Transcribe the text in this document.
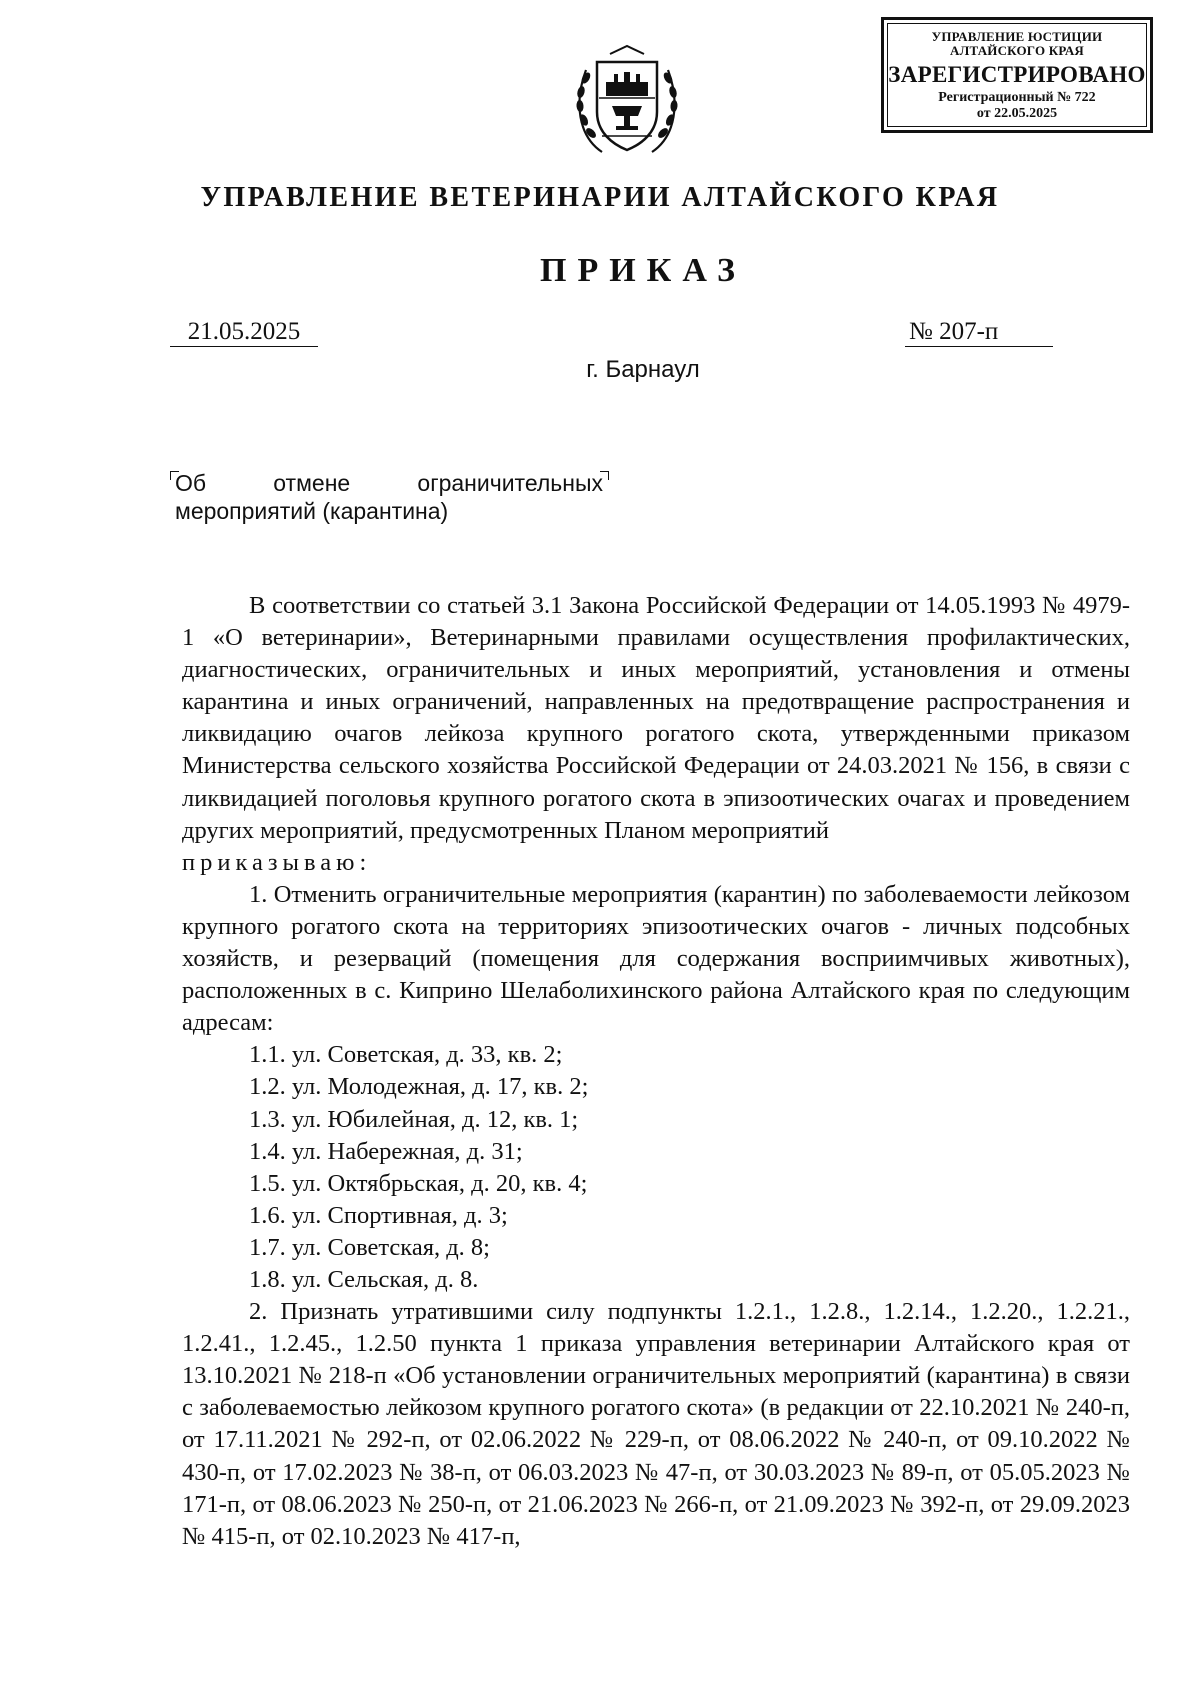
УПРАВЛЕНИЕ ЮСТИЦИИ
АЛТАЙСКОГО КРАЯ
ЗАРЕГИСТРИРОВАНО
Регистрационный № 722
от 22.05.2025
УПРАВЛЕНИЕ ВЕТЕРИНАРИИ АЛТАЙСКОГО КРАЯ
ПРИКАЗ
21.05.2025	№ 207-п
г. Барнаул
Об отмене ограничительных
мероприятий (карантина)

В соответствии со статьей 3.1 Закона Российской Федерации от 14.05.1993 № 4979-1 «О ветеринарии», Ветеринарными правилами осуществления профилактических, диагностических, ограничительных и иных мероприятий, установления и отмены карантина и иных ограничений, направленных на предотвращение распространения и ликвидацию очагов лейкоза крупного рогатого скота, утвержденными приказом Министерства сельского хозяйства Российской Федерации от 24.03.2021 № 156, в связи с ликвидацией поголовья крупного рогатого скота в эпизоотических очагах и проведением других мероприятий, предусмотренных Планом мероприятий

приказываю:

1. Отменить ограничительные мероприятия (карантин) по заболеваемости лейкозом крупного рогатого скота на территориях эпизоотических очагов - личных подсобных хозяйств, и резерваций (помещения для содержания восприимчивых животных), расположенных в с. Киприно Шелаболихинского района Алтайского края по следующим адресам:

1.1. ул. Советская, д. 33, кв. 2;

1.2. ул. Молодежная, д. 17, кв. 2;

1.3. ул. Юбилейная, д. 12, кв. 1;

1.4. ул. Набережная, д. 31;

1.5. ул. Октябрьская, д. 20, кв. 4;

1.6. ул. Спортивная, д. 3;

1.7. ул. Советская, д. 8;

1.8. ул. Сельская, д. 8.

2. Признать утратившими силу подпункты 1.2.1., 1.2.8., 1.2.14., 1.2.20., 1.2.21., 1.2.41., 1.2.45., 1.2.50 пункта 1 приказа управления ветеринарии Алтайского края от 13.10.2021 № 218-п «Об установлении ограничительных мероприятий (карантина) в связи с заболеваемостью лейкозом крупного рогатого скота» (в редакции от 22.10.2021 № 240-п, от 17.11.2021 № 292-п, от 02.06.2022 № 229-п, от 08.06.2022 № 240-п, от 09.10.2022 № 430-п, от 17.02.2023 № 38-п, от 06.03.2023 № 47-п, от 30.03.2023 № 89-п, от 05.05.2023 № 171-п, от 08.06.2023 № 250-п, от 21.06.2023 № 266-п, от 21.09.2023 № 392-п, от 29.09.2023 № 415-п, от 02.10.2023 № 417-п,
